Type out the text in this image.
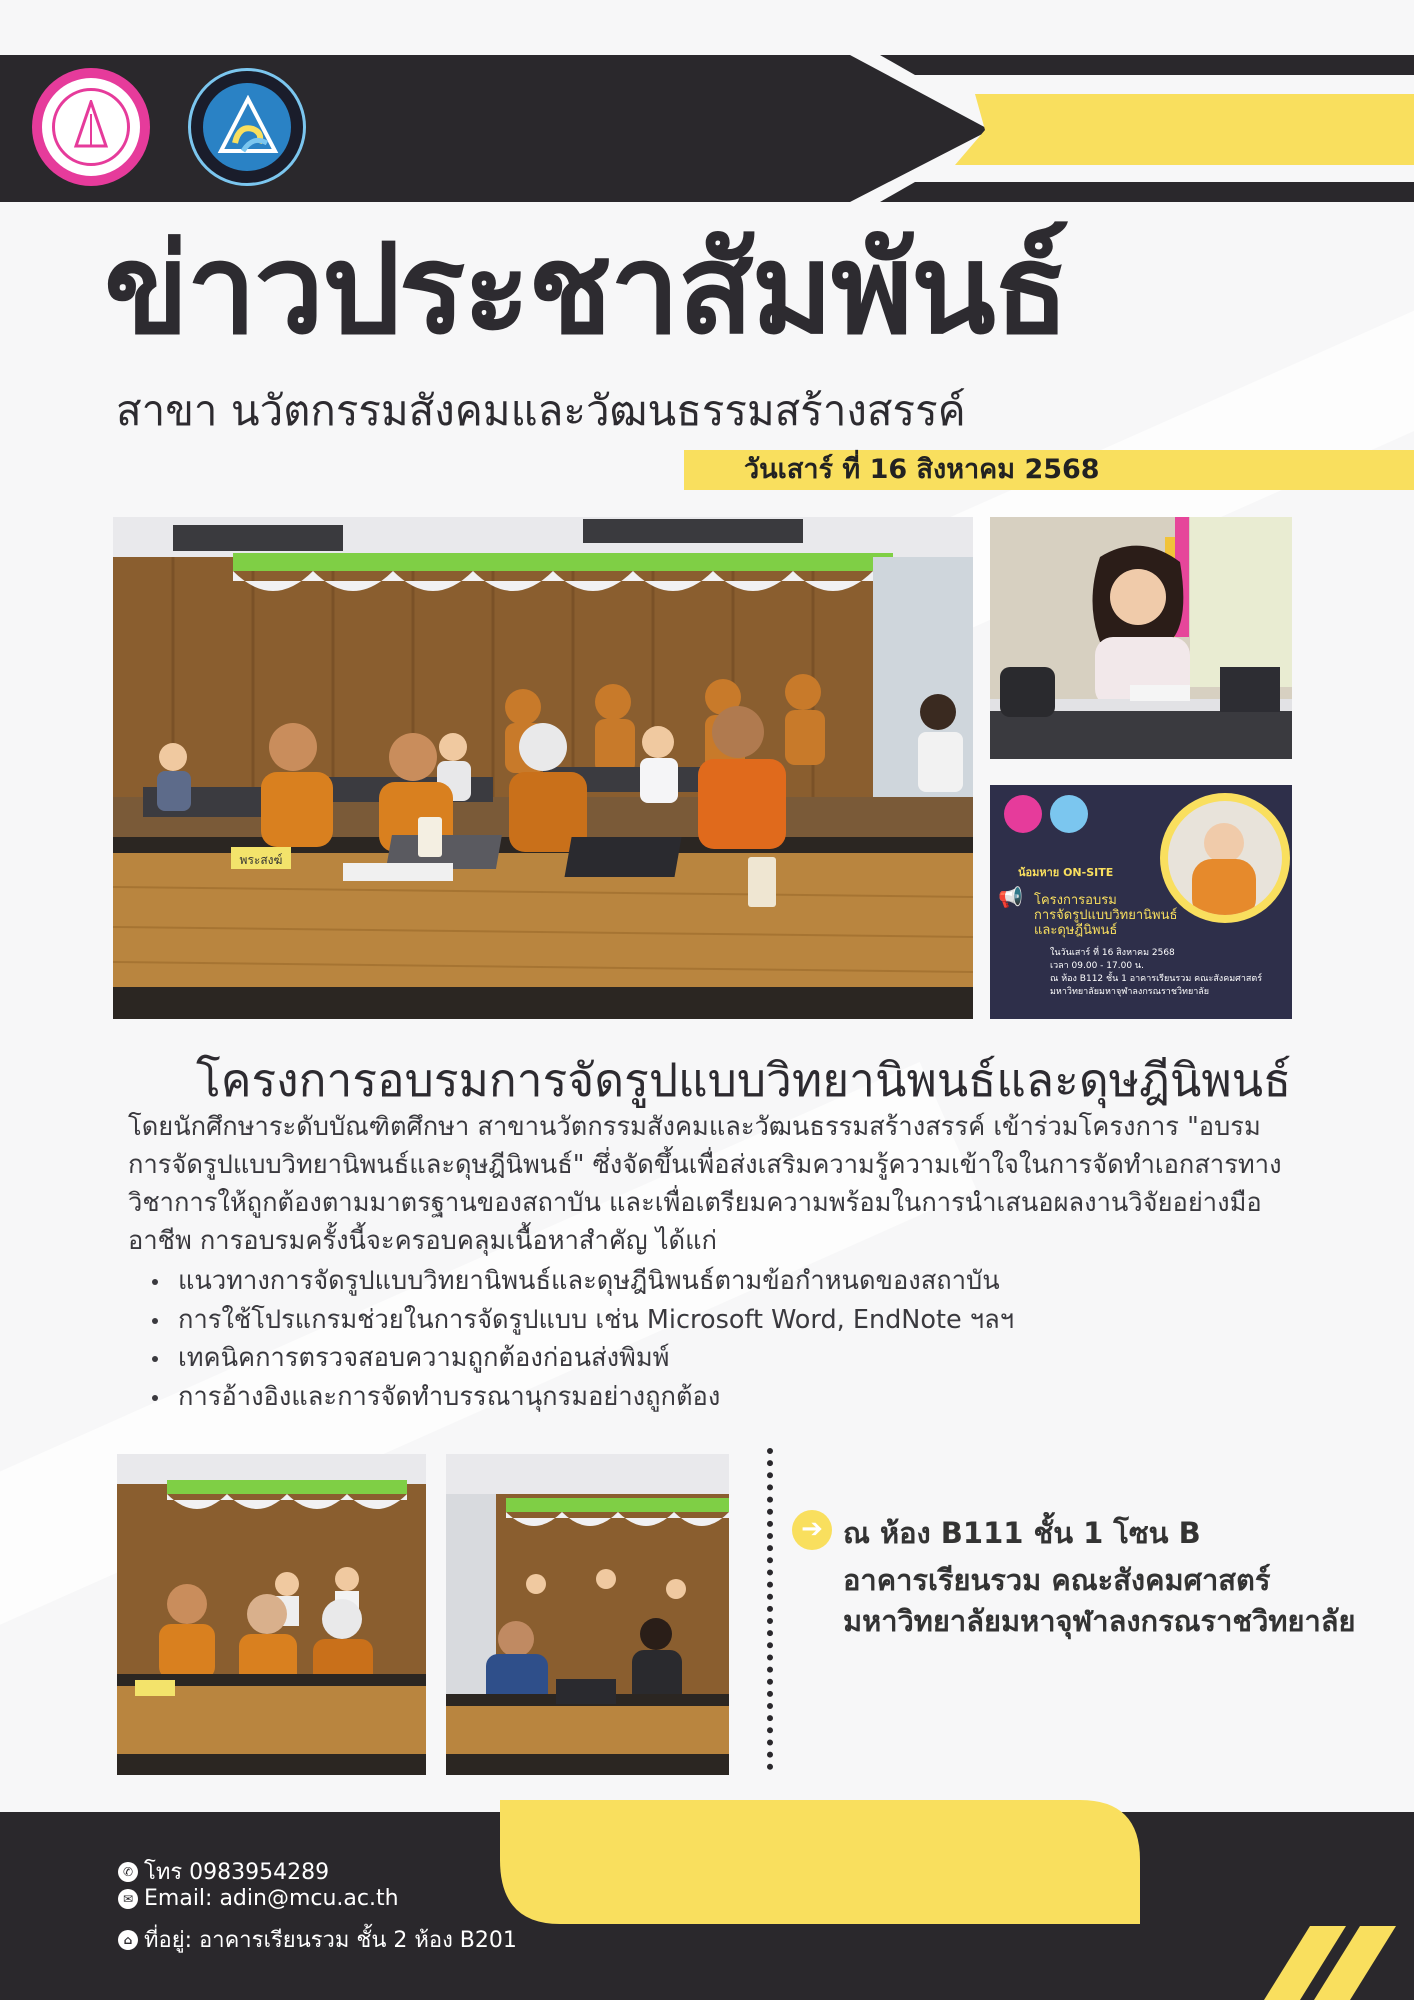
ข่าวประชาสัมพันธ์
สาขา นวัตกรรมสังคมและวัฒนธรรมสร้างสรรค์
วันเสาร์ ที่ 16 สิงหาคม 2568
พระสงฆ์
น้อมหาย ON-SITE
โครงการอบรม
การจัดรูปแบบวิทยานิพนธ์
และดุษฎีนิพนธ์
ในวันเสาร์ ที่ 16 สิงหาคม 2568
เวลา 09.00 - 17.00 น.
ณ ห้อง B112 ชั้น 1 อาคารเรียนรวม คณะสังคมศาสตร์
มหาวิทยาลัยมหาจุฬาลงกรณราชวิทยาลัย
📢
โครงการอบรมการจัดรูปแบบวิทยานิพนธ์และดุษฎีนิพนธ์
โดยนักศึกษาระดับบัณฑิตศึกษา สาขานวัตกรรมสังคมและวัฒนธรรมสร้างสรรค์ เข้าร่วมโครงการ "อบรมการจัดรูปแบบวิทยานิพนธ์และดุษฎีนิพนธ์" ซึ่งจัดขึ้นเพื่อส่งเสริมความรู้ความเข้าใจในการจัดทำเอกสารทางวิชาการให้ถูกต้องตามมาตรฐานของสถาบัน และเพื่อเตรียมความพร้อมในการนำเสนอผลงานวิจัยอย่างมืออาชีพ การอบรมครั้งนี้จะครอบคลุมเนื้อหาสำคัญ ได้แก่
แนวทางการจัดรูปแบบวิทยานิพนธ์และดุษฎีนิพนธ์ตามข้อกำหนดของสถาบัน
การใช้โปรแกรมช่วยในการจัดรูปแบบ เช่น Microsoft Word, EndNote ฯลฯ
เทคนิคการตรวจสอบความถูกต้องก่อนส่งพิมพ์
การอ้างอิงและการจัดทำบรรณานุกรมอย่างถูกต้อง
➔ ณ ห้อง B111 ชั้น 1 โซน B
อาคารเรียนรวม คณะสังคมศาสตร์
มหาวิทยาลัยมหาจุฬาลงกรณราชวิทยาลัย
✆ โทร 0983954289
✉ Email: adin@mcu.ac.th
⌂ ที่อยู่: อาคารเรียนรวม ชั้น 2 ห้อง B201
